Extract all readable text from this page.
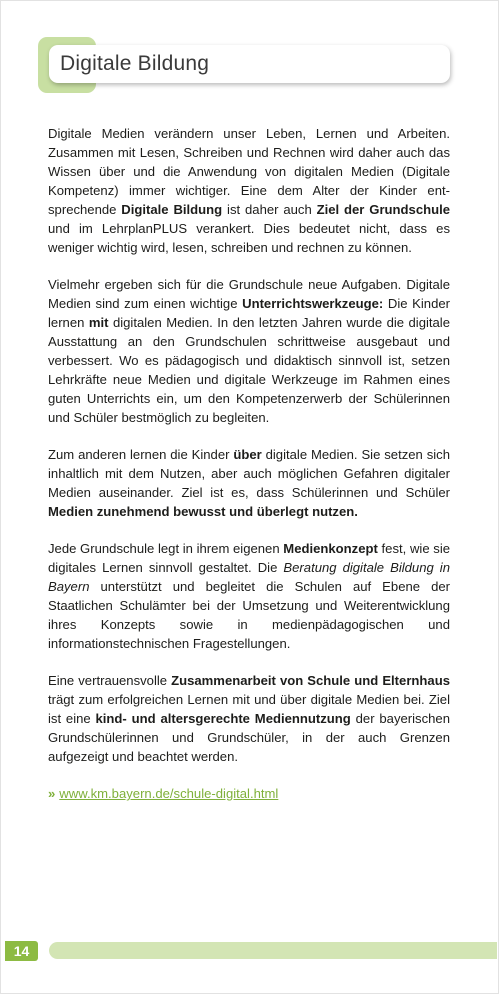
Digitale Bildung

Digitale Medien verändern unser Leben, Lernen und Arbeiten. Zusammen mit Lesen, Schreiben und Rechnen wird daher auch das Wissen über und die Anwendung von digitalen Medien (Digitale Kompetenz) immer wichtiger. Eine dem Alter der Kinder entsprechende Digitale Bildung ist daher auch Ziel der Grundschule und im LehrplanPLUS verankert. Dies bedeutet nicht, dass es weniger wichtig wird, lesen, schreiben und rechnen zu können.

Vielmehr ergeben sich für die Grundschule neue Aufgaben. Digitale Medien sind zum einen wichtige Unterrichtswerkzeuge: Die Kinder lernen mit digitalen Medien. In den letzten Jahren wurde die digitale Ausstattung an den Grundschulen schrittweise ausgebaut und verbessert. Wo es pädagogisch und didaktisch sinnvoll ist, setzen Lehrkräfte neue Medien und digitale Werkzeuge im Rahmen eines guten Unterrichts ein, um den Kompetenzerwerb der Schülerinnen und Schüler bestmöglich zu begleiten.

Zum anderen lernen die Kinder über digitale Medien. Sie setzen sich inhaltlich mit dem Nutzen, aber auch möglichen Gefahren digitaler Medien auseinander. Ziel ist es, dass Schülerinnen und Schüler Medien zunehmend bewusst und überlegt nutzen.

Jede Grundschule legt in ihrem eigenen Medienkonzept fest, wie sie digitales Lernen sinnvoll gestaltet. Die Beratung digitale Bildung in Bayern unterstützt und begleitet die Schulen auf Ebene der Staatlichen Schulämter bei der Umsetzung und Weiterentwicklung ihres Konzepts sowie in medienpädagogischen und informationstechnischen Fragestellungen.

Eine vertrauensvolle Zusammenarbeit von Schule und Elternhaus trägt zum erfolgreichen Lernen mit und über digitale Medien bei. Ziel ist eine kind- und altersgerechte Mediennutzung der bayerischen Grundschülerinnen und Grundschüler, in der auch Grenzen aufgezeigt und beachtet werden.

» www.km.bayern.de/schule-digital.html
14
